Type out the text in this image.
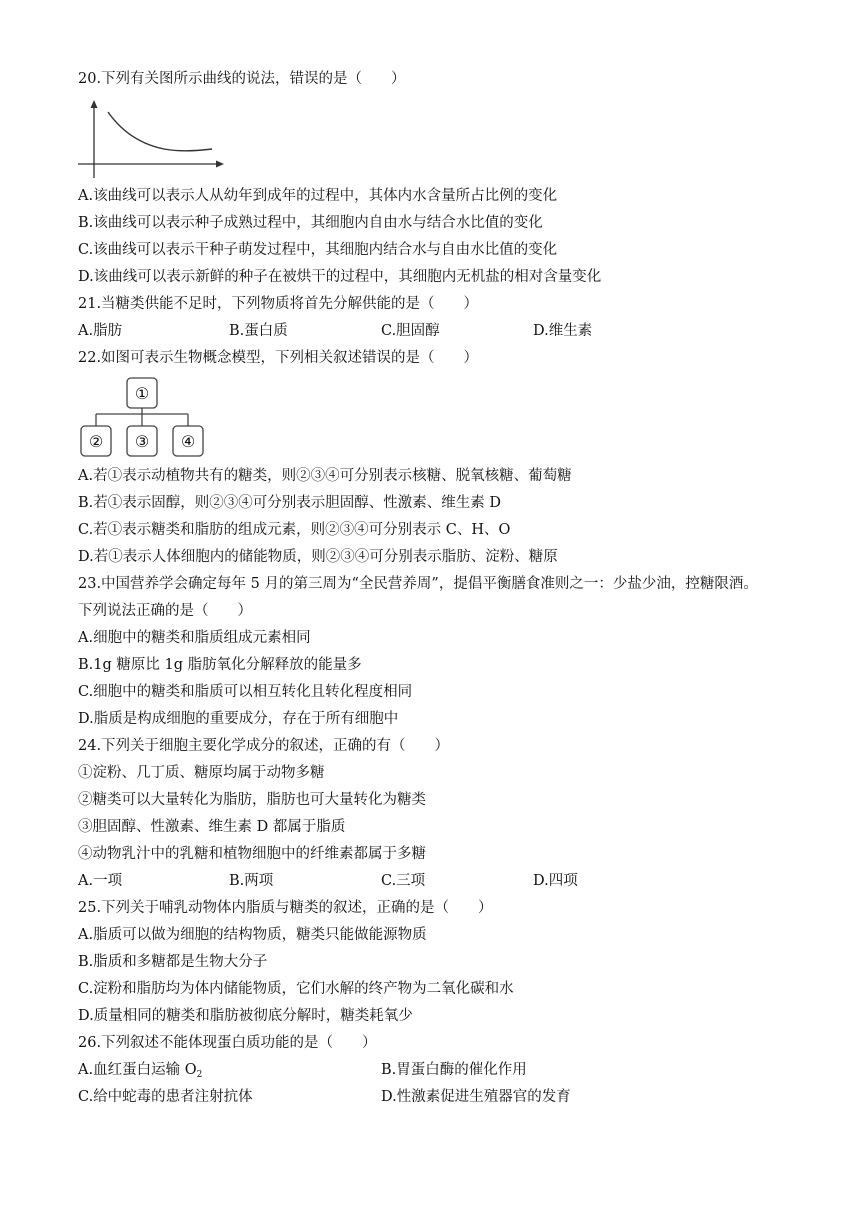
20.下列有关图所示曲线的说法，错误的是（　　）
A.该曲线可以表示人从幼年到成年的过程中，其体内水含量所占比例的变化
B.该曲线可以表示种子成熟过程中，其细胞内自由水与结合水比值的变化
C.该曲线可以表示干种子萌发过程中，其细胞内结合水与自由水比值的变化
D.该曲线可以表示新鲜的种子在被烘干的过程中，其细胞内无机盐的相对含量变化
21.当糖类供能不足时，下列物质将首先分解供能的是（　　）
A.脂肪	B.蛋白质	C.胆固醇	D.维生素
22.如图可表示生物概念模型，下列相关叙述错误的是（　　）
①
② ③ ④
A.若①表示动植物共有的糖类，则②③④可分别表示核糖、脱氧核糖、葡萄糖
B.若①表示固醇，则②③④可分别表示胆固醇、性激素、维生素 D
C.若①表示糖类和脂肪的组成元素，则②③④可分别表示 C、H、O
D.若①表示人体细胞内的储能物质，则②③④可分别表示脂肪、淀粉、糖原
23.中国营养学会确定每年 5 月的第三周为“全民营养周”，提倡平衡膳食准则之一：少盐少油，控糖限酒。
下列说法正确的是（　　）
A.细胞中的糖类和脂质组成元素相同
B.1g 糖原比 1g 脂肪氧化分解释放的能量多
C.细胞中的糖类和脂质可以相互转化且转化程度相同
D.脂质是构成细胞的重要成分，存在于所有细胞中
24.下列关于细胞主要化学成分的叙述，正确的有（　　）
①淀粉、几丁质、糖原均属于动物多糖
②糖类可以大量转化为脂肪，脂肪也可大量转化为糖类
③胆固醇、性激素、维生素 D 都属于脂质
④动物乳汁中的乳糖和植物细胞中的纤维素都属于多糖
A.一项	B.两项	C.三项	D.四项
25.下列关于哺乳动物体内脂质与糖类的叙述，正确的是（　　）
A.脂质可以做为细胞的结构物质，糖类只能做能源物质
B.脂质和多糖都是生物大分子
C.淀粉和脂肪均为体内储能物质，它们水解的终产物为二氧化碳和水
D.质量相同的糖类和脂肪被彻底分解时，糖类耗氧少
26.下列叙述不能体现蛋白质功能的是（　　）
A.血红蛋白运输 $O_2$	B.胃蛋白酶的催化作用
C.给中蛇毒的患者注射抗体	D.性激素促进生殖器官的发育
